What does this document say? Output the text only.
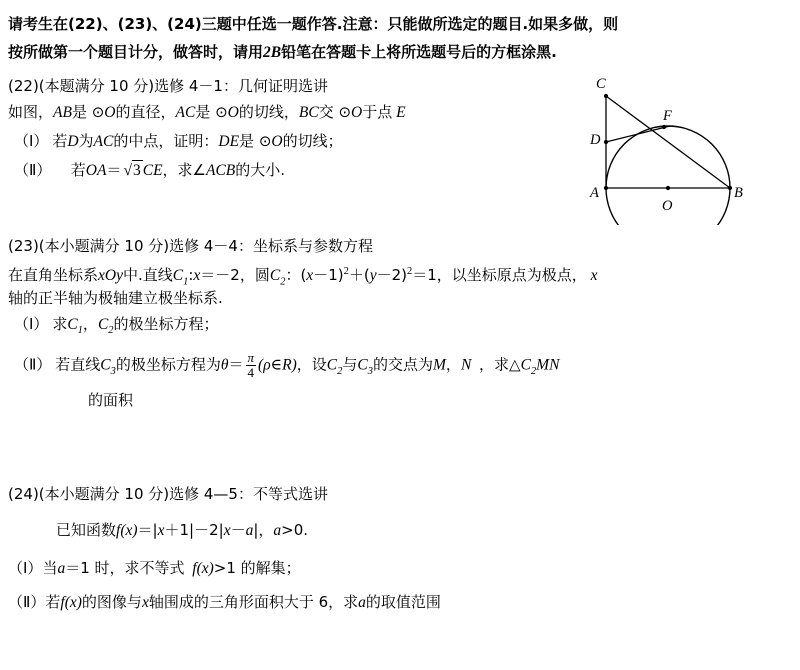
请考生在(22)、(23)、(24)三题中任选一题作答.注意：只能做所选定的题目.如果多做，则
按所做第一个题目计分，做答时，请用2B铅笔在答题卡上将所选题号后的方框涂黑.
(22)(本题满分 10 分)选修 4－1：几何证明选讲
如图，AB是 ⊙O的直径，AC是 ⊙O的切线，BC交 ⊙O于点 E
（Ⅰ） 若D为AC的中点，证明：DE是 ⊙O的切线；
（Ⅱ） 若OA＝ √3 CE，求∠ACB的大小.
C
F
D
A
O
B
(23)(本小题满分 10 分)选修 4－4：坐标系与参数方程
在直角坐标系xOy中.直线$C_1:x=-2$，圆$C_2$：$(x-1)^2+(y-2)^2=1$，以坐标原点为极点， x
轴的正半轴为极轴建立极坐标系.
（Ⅰ） 求$C_1$，$C_2$的极坐标方程；
（Ⅱ） 若直线$C_3$的极坐标方程为$\theta= \frac{\pi}{4}$ (ρ∈R)，设$C_2$与$C_3$的交点为M，N ，求$\triangle C_2MN$
的面积
(24)(本小题满分 10 分)选修 4—5：不等式选讲
已知函数f(x)＝|x＋1|－2|x－a|，a>0.
（Ⅰ）当a＝1 时，求不等式 f(x)>1 的解集；
（Ⅱ）若f(x)的图像与x轴围成的三角形面积大于 6，求a的取值范围
